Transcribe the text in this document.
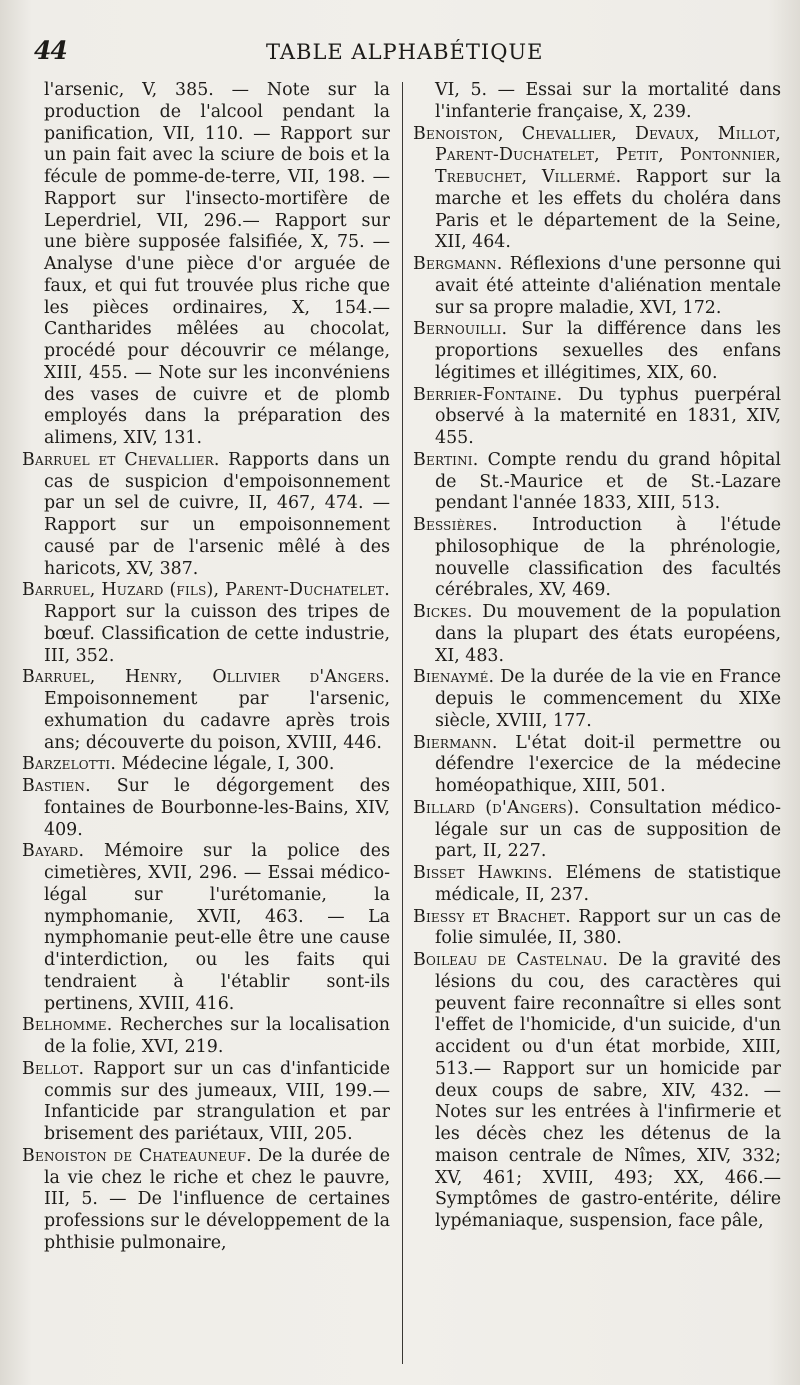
44	TABLE ALPHABÉTIQUE

l'arsenic, V, 385. — Note sur la production de l'alcool pendant la panification, VII, 110. — Rapport sur un pain fait avec la sciure de bois et la fécule de pomme-de-terre, VII, 198. — Rapport sur l'insecto-mortifère de Leperdriel, VII, 296.— Rapport sur une bière supposée falsifiée, X, 75. — Analyse d'une pièce d'or arguée de faux, et qui fut trouvée plus riche que les pièces ordinaires, X, 154.—Cantharides mêlées au chocolat, procédé pour découvrir ce mélange, XIII, 455. — Note sur les inconvéniens des vases de cuivre et de plomb employés dans la préparation des alimens, XIV, 131.

Barruel et Chevallier. Rapports dans un cas de suspicion d'empoisonnement par un sel de cuivre, II, 467, 474. — Rapport sur un empoisonnement causé par de l'arsenic mêlé à des haricots, XV, 387.

Barruel, Huzard (fils), Parent-Duchatelet. Rapport sur la cuisson des tripes de bœuf. Classification de cette industrie, III, 352.

Barruel, Henry, Ollivier d'Angers. Empoisonnement par l'arsenic, exhumation du cadavre après trois ans; découverte du poison, XVIII, 446.

Barzelotti. Médecine légale, I, 300.

Bastien. Sur le dégorgement des fontaines de Bourbonne-les-Bains, XIV, 409.

Bayard. Mémoire sur la police des cimetières, XVII, 296. — Essai médico-légal sur l'urétomanie, la nymphomanie, XVII, 463. — La nymphomanie peut-elle être une cause d'interdiction, ou les faits qui tendraient à l'établir sont-ils pertinens, XVIII, 416.

Belhomme. Recherches sur la localisation de la folie, XVI, 219.

Bellot. Rapport sur un cas d'infanticide commis sur des jumeaux, VIII, 199.— Infanticide par strangulation et par brisement des pariétaux, VIII, 205.

Benoiston de Chateauneuf. De la durée de la vie chez le riche et chez le pauvre, III, 5. — De l'influence de certaines professions sur le développement de la phthisie pulmonaire,

VI, 5. — Essai sur la mortalité dans l'infanterie française, X, 239.

Benoiston, Chevallier, Devaux, Millot, Parent-Duchatelet, Petit, Pontonnier, Trebuchet, Villermé. Rapport sur la marche et les effets du choléra dans Paris et le département de la Seine, XII, 464.

Bergmann. Réflexions d'une personne qui avait été atteinte d'aliénation mentale sur sa propre maladie, XVI, 172.

Bernouilli. Sur la différence dans les proportions sexuelles des enfans légitimes et illégitimes, XIX, 60.

Berrier-Fontaine. Du typhus puerpéral observé à la maternité en 1831, XIV, 455.

Bertini. Compte rendu du grand hôpital de St.-Maurice et de St.-Lazare pendant l'année 1833, XIII, 513.

Bessières. Introduction à l'étude philosophique de la phrénologie, nouvelle classification des facultés cérébrales, XV, 469.

Bickes. Du mouvement de la population dans la plupart des états européens, XI, 483.

Bienaymé. De la durée de la vie en France depuis le commencement du XIXe siècle, XVIII, 177.

Biermann. L'état doit-il permettre ou défendre l'exercice de la médecine homéopathique, XIII, 501.

Billard (d'Angers). Consultation médico-légale sur un cas de supposition de part, II, 227.

Bisset Hawkins. Elémens de statistique médicale, II, 237.

Biessy et Brachet. Rapport sur un cas de folie simulée, II, 380.

Boileau de Castelnau. De la gravité des lésions du cou, des caractères qui peuvent faire reconnaître si elles sont l'effet de l'homicide, d'un suicide, d'un accident ou d'un état morbide, XIII, 513.— Rapport sur un homicide par deux coups de sabre, XIV, 432. — Notes sur les entrées à l'infirmerie et les décès chez les détenus de la maison centrale de Nîmes, XIV, 332; XV, 461; XVIII, 493; XX, 466.— Symptômes de gastro-entérite, délire lypémaniaque, suspension, face pâle,
